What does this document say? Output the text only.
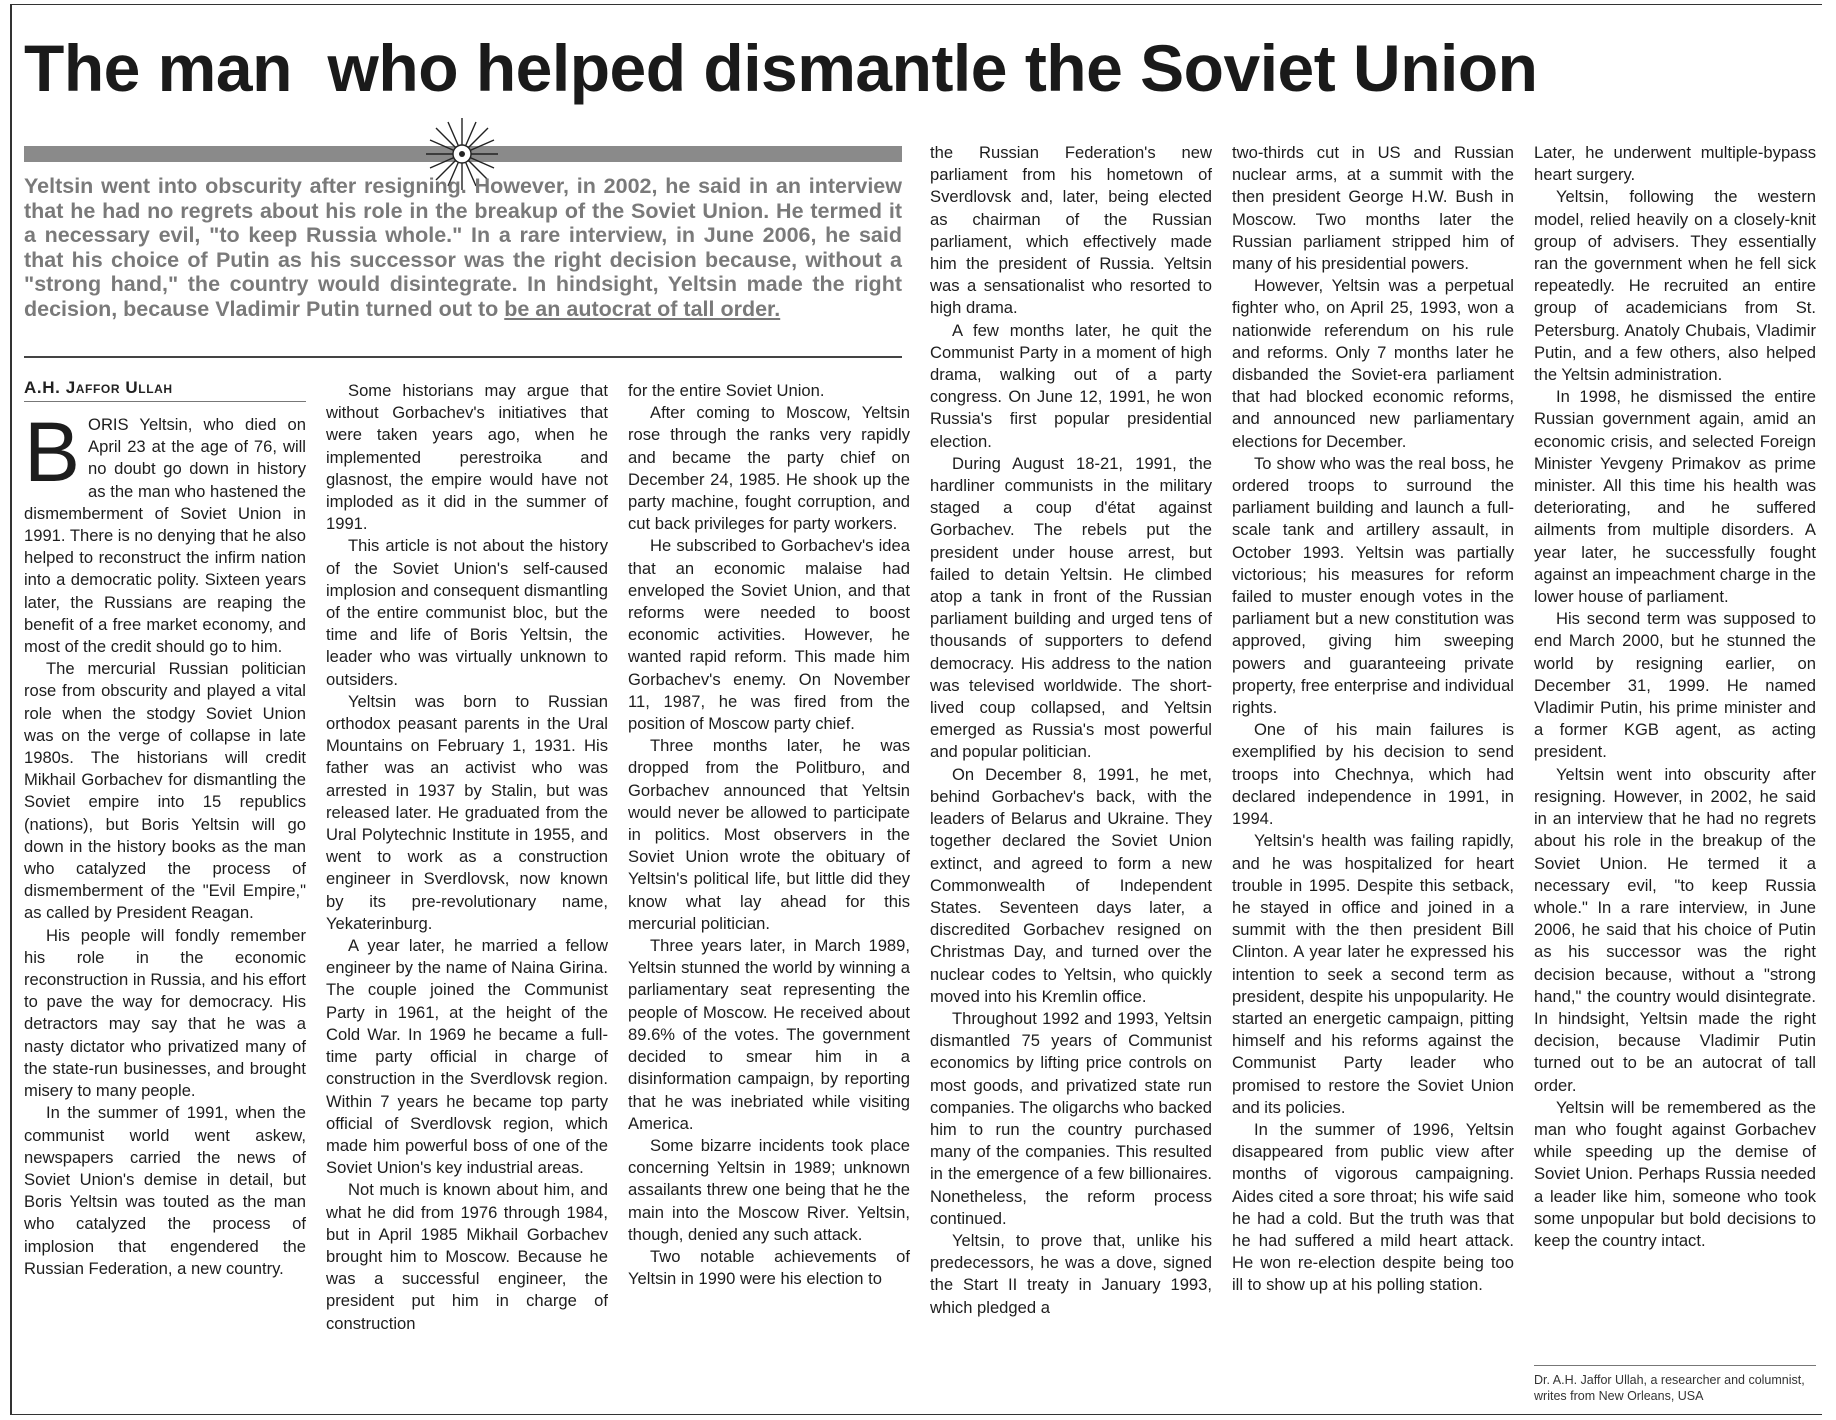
The man  who helped dismantle the Soviet Union

Yeltsin went into obscurity after resigning. However, in 2002, he said in an interview that he had no regrets about his role in the breakup of the Soviet Union. He termed it a necessary evil, "to keep Russia whole." In a rare interview, in June 2006, he said that his choice of Putin as his successor was the right decision because, without a "strong hand," the country would disintegrate. In hindsight, Yeltsin made the right decision, because Vladimir Putin turned out to be an autocrat of tall order.

A.H. Jaffor Ullah

BORIS Yeltsin, who died on April 23 at the age of 76, will no doubt go down in history as the man who hastened the dismemberment of Soviet Union in 1991. There is no denying that he also helped to reconstruct the infirm nation into a democratic polity. Sixteen years later, the Russians are reaping the benefit of a free market economy, and most of the credit should go to him.

The mercurial Russian politician rose from obscurity and played a vital role when the stodgy Soviet Union was on the verge of collapse in late 1980s. The historians will credit Mikhail Gorbachev for dismantling the Soviet empire into 15 republics (nations), but Boris Yeltsin will go down in the history books as the man who catalyzed the process of dismemberment of the "Evil Empire," as called by President Reagan.

His people will fondly remember his role in the economic reconstruction in Russia, and his effort to pave the way for democracy. His detractors may say that he was a nasty dictator who privatized many of the state-run businesses, and brought misery to many people.

In the summer of 1991, when the communist world went askew, newspapers carried the news of Soviet Union's demise in detail, but Boris Yeltsin was touted as the man who catalyzed the process of implosion that engendered the Russian Federation, a new country.

Some historians may argue that without Gorbachev's initiatives that were taken years ago, when he implemented perestroika and glasnost, the empire would have not imploded as it did in the summer of 1991.

This article is not about the history of the Soviet Union's self-caused implosion and consequent dismantling of the entire communist bloc, but the time and life of Boris Yeltsin, the leader who was virtually unknown to outsiders.

Yeltsin was born to Russian orthodox peasant parents in the Ural Mountains on February 1, 1931. His father was an activist who was arrested in 1937 by Stalin, but was released later. He graduated from the Ural Polytechnic Institute in 1955, and went to work as a construction engineer in Sverdlovsk, now known by its pre-revolutionary name, Yekaterinburg.

A year later, he married a fellow engineer by the name of Naina Girina. The couple joined the Communist Party in 1961, at the height of the Cold War. In 1969 he became a full-time party official in charge of construction in the Sverdlovsk region. Within 7 years he became top party official of Sverdlovsk region, which made him powerful boss of one of the Soviet Union's key industrial areas.

Not much is known about him, and what he did from 1976 through 1984, but in April 1985 Mikhail Gorbachev brought him to Moscow. Because he was a successful engineer, the president put him in charge of construction

for the entire Soviet Union.

After coming to Moscow, Yeltsin rose through the ranks very rapidly and became the party chief on December 24, 1985. He shook up the party machine, fought corruption, and cut back privileges for party workers.

He subscribed to Gorbachev's idea that an economic malaise had enveloped the Soviet Union, and that reforms were needed to boost economic activities. However, he wanted rapid reform. This made him Gorbachev's enemy. On November 11, 1987, he was fired from the position of Moscow party chief.

Three months later, he was dropped from the Politburo, and Gorbachev announced that Yeltsin would never be allowed to participate in politics. Most observers in the Soviet Union wrote the obituary of Yeltsin's political life, but little did they know what lay ahead for this mercurial politician.

Three years later, in March 1989, Yeltsin stunned the world by winning a parliamentary seat representing the people of Moscow. He received about 89.6% of the votes. The government decided to smear him in a disinformation campaign, by reporting that he was inebriated while visiting America.

Some bizarre incidents took place concerning Yeltsin in 1989; unknown assailants threw one being that he the main into the Moscow River. Yeltsin, though, denied any such attack.

Two notable achievements of Yeltsin in 1990 were his election to

the Russian Federation's new parliament from his hometown of Sverdlovsk and, later, being elected as chairman of the Russian parliament, which effectively made him the president of Russia. Yeltsin was a sensationalist who resorted to high drama.

A few months later, he quit the Communist Party in a moment of high drama, walking out of a party congress. On June 12, 1991, he won Russia's first popular presidential election.

During August 18-21, 1991, the hardliner communists in the military staged a coup d'état against Gorbachev. The rebels put the president under house arrest, but failed to detain Yeltsin. He climbed atop a tank in front of the Russian parliament building and urged tens of thousands of supporters to defend democracy. His address to the nation was televised worldwide. The short-lived coup collapsed, and Yeltsin emerged as Russia's most powerful and popular politician.

On December 8, 1991, he met, behind Gorbachev's back, with the leaders of Belarus and Ukraine. They together declared the Soviet Union extinct, and agreed to form a new Commonwealth of Independent States. Seventeen days later, a discredited Gorbachev resigned on Christmas Day, and turned over the nuclear codes to Yeltsin, who quickly moved into his Kremlin office.

Throughout 1992 and 1993, Yeltsin dismantled 75 years of Communist economics by lifting price controls on most goods, and privatized state run companies. The oligarchs who backed him to run the country purchased many of the companies. This resulted in the emergence of a few billionaires. Nonetheless, the reform process continued.

Yeltsin, to prove that, unlike his predecessors, he was a dove, signed the Start II treaty in January 1993, which pledged a

two-thirds cut in US and Russian nuclear arms, at a summit with the then president George H.W. Bush in Moscow. Two months later the Russian parliament stripped him of many of his presidential powers.

However, Yeltsin was a perpetual fighter who, on April 25, 1993, won a nationwide referendum on his rule and reforms. Only 7 months later he disbanded the Soviet-era parliament that had blocked economic reforms, and announced new parliamentary elections for December.

To show who was the real boss, he ordered troops to surround the parliament building and launch a full-scale tank and artillery assault, in October 1993. Yeltsin was partially victorious; his measures for reform failed to muster enough votes in the parliament but a new constitution was approved, giving him sweeping powers and guaranteeing private property, free enterprise and individual rights.

One of his main failures is exemplified by his decision to send troops into Chechnya, which had declared independence in 1991, in 1994.

Yeltsin's health was failing rapidly, and he was hospitalized for heart trouble in 1995. Despite this setback, he stayed in office and joined in a summit with the then president Bill Clinton. A year later he expressed his intention to seek a second term as president, despite his unpopularity. He started an energetic campaign, pitting himself and his reforms against the Communist Party leader who promised to restore the Soviet Union and its policies.

In the summer of 1996, Yeltsin disappeared from public view after months of vigorous campaigning. Aides cited a sore throat; his wife said he had a cold. But the truth was that he had suffered a mild heart attack. He won re-election despite being too ill to show up at his polling station.

Later, he underwent multiple-bypass heart surgery.

Yeltsin, following the western model, relied heavily on a closely-knit group of advisers. They essentially ran the government when he fell sick repeatedly. He recruited an entire group of academicians from St. Petersburg. Anatoly Chubais, Vladimir Putin, and a few others, also helped the Yeltsin administration.

In 1998, he dismissed the entire Russian government again, amid an economic crisis, and selected Foreign Minister Yevgeny Primakov as prime minister. All this time his health was deteriorating, and he suffered ailments from multiple disorders. A year later, he successfully fought against an impeachment charge in the lower house of parliament.

His second term was supposed to end March 2000, but he stunned the world by resigning earlier, on December 31, 1999. He named Vladimir Putin, his prime minister and a former KGB agent, as acting president.

Yeltsin went into obscurity after resigning. However, in 2002, he said in an interview that he had no regrets about his role in the breakup of the Soviet Union. He termed it a necessary evil, "to keep Russia whole." In a rare interview, in June 2006, he said that his choice of Putin as his successor was the right decision because, without a "strong hand," the country would disintegrate. In hindsight, Yeltsin made the right decision, because Vladimir Putin turned out to be an autocrat of tall order.

Yeltsin will be remembered as the man who fought against Gorbachev while speeding up the demise of Soviet Union. Perhaps Russia needed a leader like him, someone who took some unpopular but bold decisions to keep the country intact.

Dr. A.H. Jaffor Ullah, a researcher and columnist, writes from New Orleans, USA
